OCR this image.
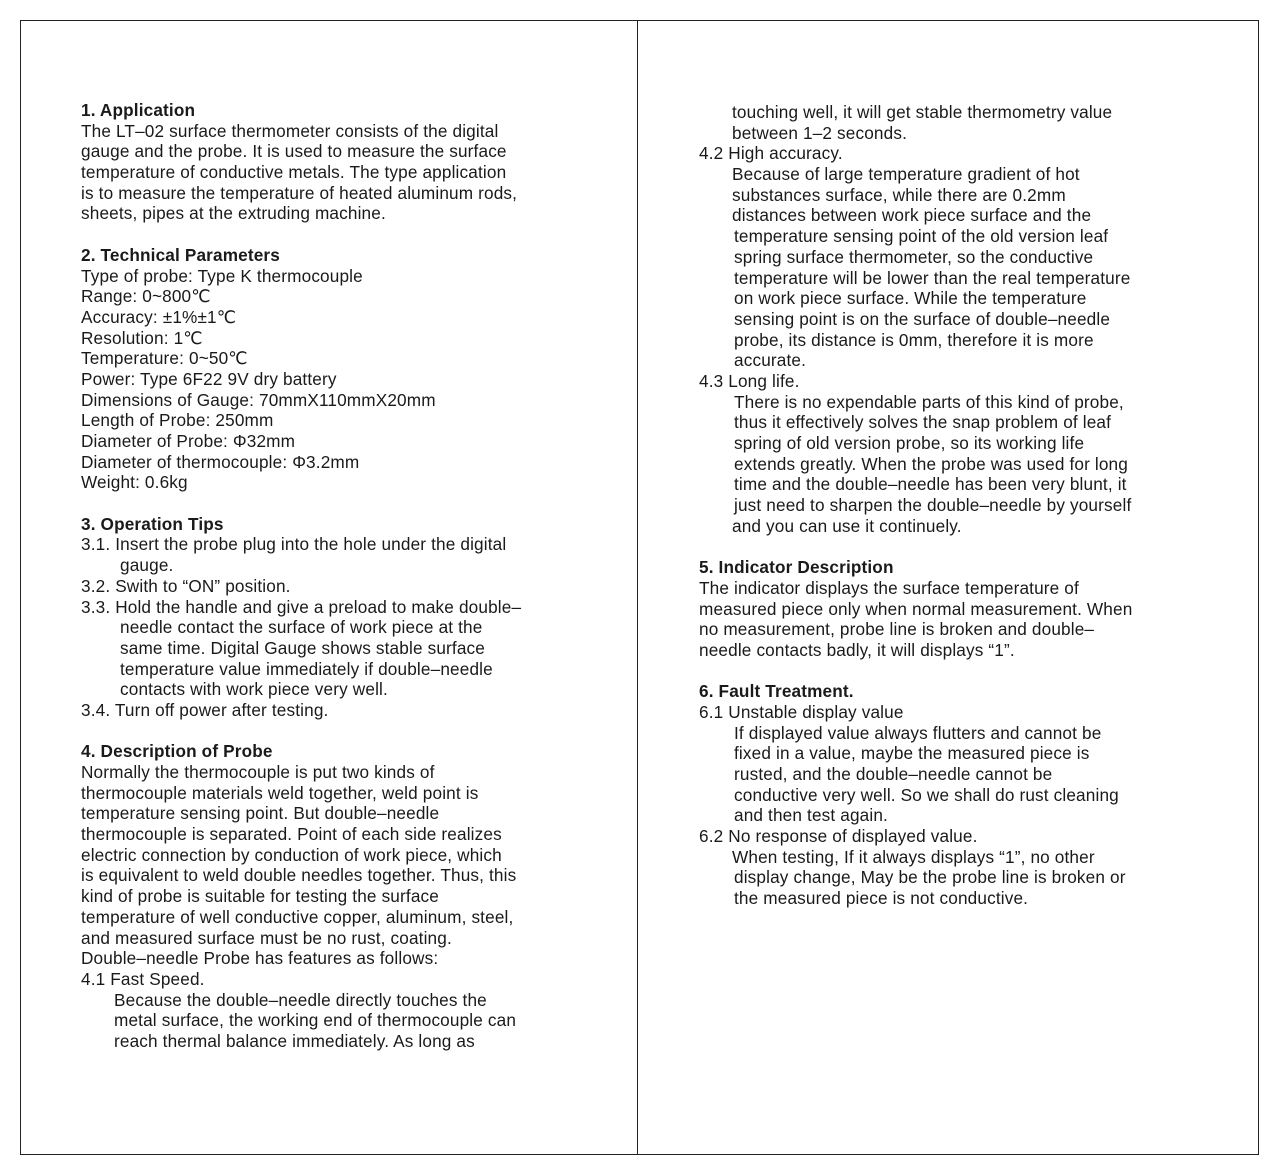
1. Application
The LT–02 surface thermometer consists of the digital
gauge and the probe. It is used to measure the surface
temperature of conductive metals. The type application
is to measure the temperature of heated aluminum rods,
sheets, pipes at the extruding machine.
2. Technical Parameters
Type of probe: Type K thermocouple
Range: 0~800℃
Accuracy: ±1%±1℃
Resolution: 1℃
Temperature: 0~50℃
Power: Type 6F22 9V dry battery
Dimensions of Gauge: 70mmX110mmX20mm
Length of Probe: 250mm
Diameter of Probe: Φ32mm
Diameter of thermocouple: Φ3.2mm
Weight: 0.6kg
3. Operation Tips
3.1. Insert the probe plug into the hole under the digital
gauge.
3.2. Swith to “ON” position.
3.3. Hold the handle and give a preload to make double–
needle contact the surface of work piece at the
same time. Digital Gauge shows stable surface
temperature value immediately if double–needle
contacts with work piece very well.
3.4. Turn off power after testing.
4. Description of Probe
Normally the thermocouple is put two kinds of
thermocouple materials weld together, weld point is
temperature sensing point. But double–needle
thermocouple is separated. Point of each side realizes
electric connection by conduction of work piece, which
is equivalent to weld double needles together. Thus, this
kind of probe is suitable for testing the surface
temperature of well conductive copper, aluminum, steel,
and measured surface must be no rust, coating.
Double–needle Probe has features as follows:
4.1 Fast Speed.
Because the double–needle directly touches the
metal surface, the working end of thermocouple can
reach thermal balance immediately. As long as
touching well, it will get stable thermometry value
between 1–2 seconds.
4.2 High accuracy.
Because of large temperature gradient of hot
substances surface, while there are 0.2mm
distances between work piece surface and the
temperature sensing point of the old version leaf
spring surface thermometer, so the conductive
temperature will be lower than the real temperature
on work piece surface. While the temperature
sensing point is on the surface of double–needle
probe, its distance is 0mm, therefore it is more
accurate.
4.3 Long life.
There is no expendable parts of this kind of probe,
thus it effectively solves the snap problem of leaf
spring of old version probe, so its working life
extends greatly. When the probe was used for long
time and the double–needle has been very blunt, it
just need to sharpen the double–needle by yourself
and you can use it continuely.
5. Indicator Description
The indicator displays the surface temperature of
measured piece only when normal measurement. When
no measurement, probe line is broken and double–
needle contacts badly, it will displays “1”.
6. Fault Treatment.
6.1 Unstable display value
If displayed value always flutters and cannot be
fixed in a value, maybe the measured piece is
rusted, and the double–needle cannot be
conductive very well. So we shall do rust cleaning
and then test again.
6.2 No response of displayed value.
When testing, If it always displays “1”, no other
display change, May be the probe line is broken or
the measured piece is not conductive.
